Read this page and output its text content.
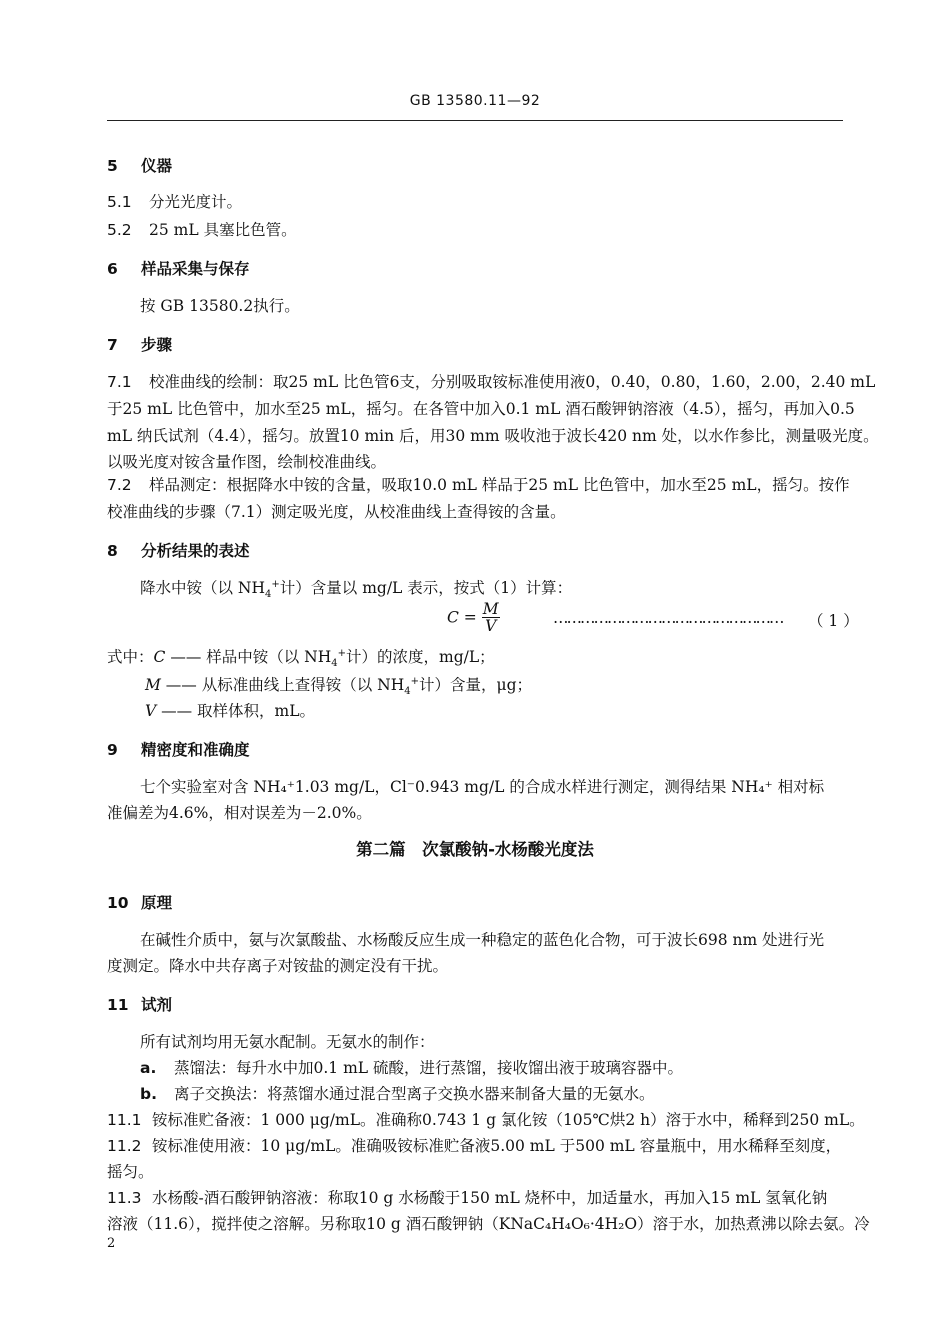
GB 13580.11—92
5 仪器
5.1 分光光度计。
5.2 25 mL 具塞比色管。
6 样品采集与保存
按 GB 13580.2执行。
7 步骤
7.1 校准曲线的绘制：取25 mL 比色管6支，分别吸取铵标准使用液0，0.40，0.80，1.60，2.00，2.40 mL
于25 mL 比色管中，加水至25 mL，摇匀。在各管中加入0.1 mL 酒石酸钾钠溶液（4.5），摇匀，再加入0.5
mL 纳氏试剂（4.4），摇匀。放置10 min 后，用30 mm 吸收池于波长420 nm 处，以水作参比，测量吸光度。
以吸光度对铵含量作图，绘制校准曲线。
7.2 样品测定：根据降水中铵的含量，吸取10.0 mL 样品于25 mL 比色管中，加水至25 mL，摇匀。按作
校准曲线的步骤（7.1）测定吸光度，从校准曲线上查得铵的含量。
8 分析结果的表述
降水中铵（以 $NH_4^+$计）含量以 mg/L 表示，按式（1）计算：
$C = \frac{M}{V}$	……………………………………………	（ 1 ）
式中：C —— 样品中铵（以 $NH_4^+$计）的浓度，mg/L；
M —— 从标准曲线上查得铵（以 $NH_4^+$计）含量，μg；
V —— 取样体积，mL。
9 精密度和准确度
七个实验室对含 NH₄⁺1.03 mg/L，Cl⁻0.943 mg/L 的合成水样进行测定，测得结果 NH₄⁺ 相对标
准偏差为4.6%，相对误差为－2.0%。
第二篇　次氯酸钠-水杨酸光度法
10 原理
在碱性介质中，氨与次氯酸盐、水杨酸反应生成一种稳定的蓝色化合物，可于波长698 nm 处进行光
度测定。降水中共存离子对铵盐的测定没有干扰。
11 试剂
所有试剂均用无氨水配制。无氨水的制作：
a. 蒸馏法：每升水中加0.1 mL 硫酸，进行蒸馏，接收馏出液于玻璃容器中。
b. 离子交换法：将蒸馏水通过混合型离子交换水器来制备大量的无氨水。
11.1 铵标准贮备液：1 000 μg/mL。准确称0.743 1 g 氯化铵（105℃烘2 h）溶于水中，稀释到250 mL。
11.2 铵标准使用液：10 μg/mL。准确吸铵标准贮备液5.00 mL 于500 mL 容量瓶中，用水稀释至刻度，
摇匀。
11.3 水杨酸-酒石酸钾钠溶液：称取10 g 水杨酸于150 mL 烧杯中，加适量水，再加入15 mL 氢氧化钠
溶液（11.6），搅拌使之溶解。另称取10 g 酒石酸钾钠（KNaC₄H₄O₆·4H₂O）溶于水，加热煮沸以除去氨。冷
2
